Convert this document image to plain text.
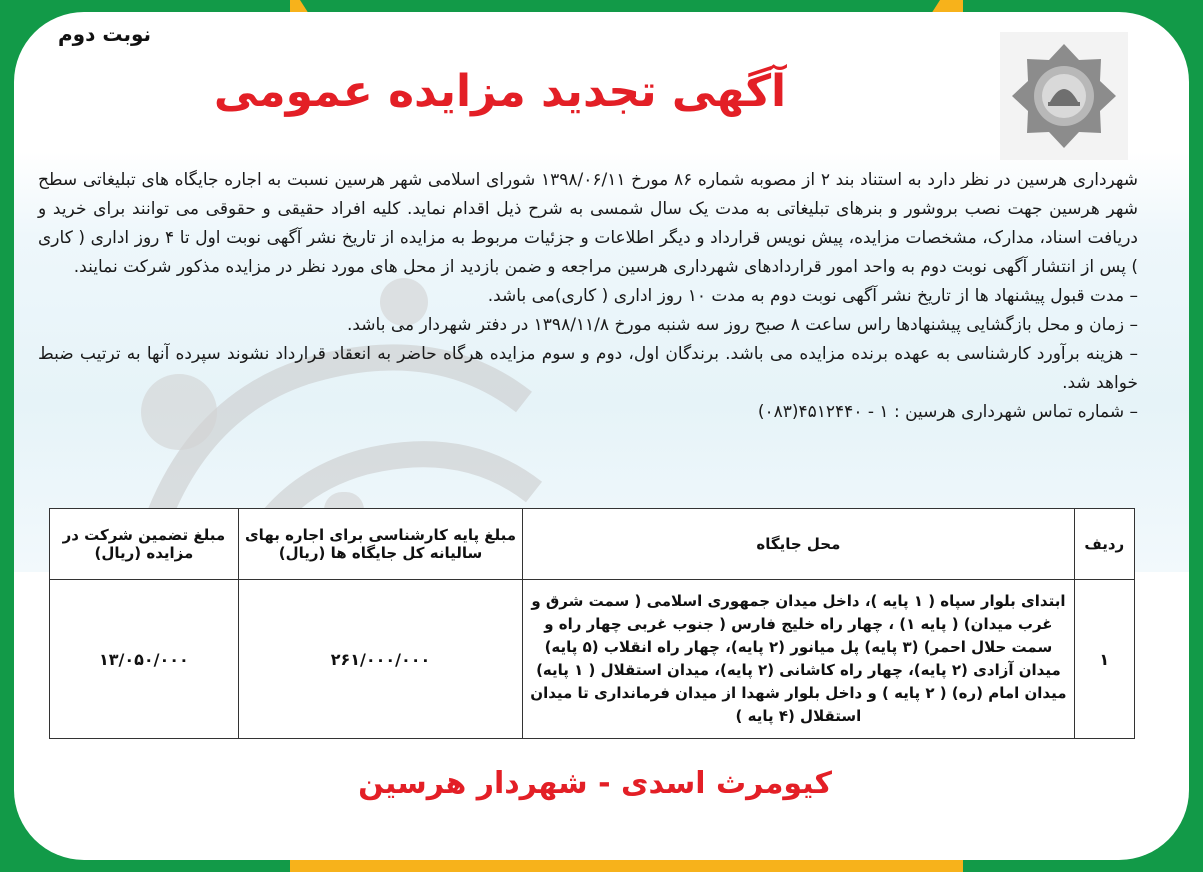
نوبت دوم
آگهی تجدید مزایده عمومی

شهرداری هرسین در نظر دارد به استناد بند ۲ از مصوبه شماره ۸۶ مورخ ۱۳۹۸/۰۶/۱۱ شورای اسلامی شهر هرسین نسبت به اجاره جایگاه های تبلیغاتی سطح شهر هرسین جهت نصب بروشور و بنرهای تبلیغاتی به مدت یک سال شمسی به شرح ذیل اقدام نماید. کلیه افراد حقیقی و حقوقی می توانند برای خرید و دریافت اسناد، مدارک، مشخصات مزایده، پیش نویس قرارداد و دیگر اطلاعات و جزئیات مربوط به مزایده از تاریخ نشر آگهی نوبت اول تا ۴ روز اداری ( کاری ) پس از انتشار آگهی نوبت دوم به واحد امور قراردادهای شهرداری هرسین مراجعه و ضمن بازدید از محل های مورد نظر در مزایده مذکور شرکت نمایند.

– مدت قبول پیشنهاد ها از تاریخ نشر آگهی نوبت دوم به مدت ۱۰ روز اداری ( کاری)می باشد.
– زمان و محل بازگشایی پیشنهادها راس ساعت ۸ صبح روز سه شنبه مورخ ۱۳۹۸/۱۱/۸ در دفتر شهردار می باشد.
– هزینه برآورد کارشناسی به عهده برنده مزایده می باشد. برندگان اول، دوم و سوم مزایده هرگاه حاضر به انعقاد قرارداد نشوند سپرده آنها به ترتیب ضبط خواهد شد.

– شماره تماس شهرداری هرسین : ۱ - ۴۵۱۲۴۴۰(۰۸۳)

ردیف	محل جایگاه	مبلغ پایه کارشناسی برای اجاره بهای سالیانه کل جایگاه ها (ریال)	مبلغ تضمین شرکت در مزایده (ریال)
۱	ابتدای بلوار سپاه ( ۱ پایه )، داخل میدان جمهوری اسلامی ( سمت شرق و غرب میدان) ( پایه ۱) ، چهار راه خلیج فارس ( جنوب غربی چهار راه و سمت حلال احمر) (۳ پایه) پل میانور (۲ پایه)، چهار راه انقلاب (۵ پایه) میدان آزادی (۲ پایه)، چهار راه کاشانی (۲ پایه)، میدان استقلال ( ۱ پایه) میدان امام (ره) ( ۲ پایه ) و داخل بلوار شهدا از میدان فرمانداری تا میدان استقلال (۴ پایه )	۲۶۱/۰۰۰/۰۰۰	۱۳/۰۵۰/۰۰۰
کیومرث اسدی - شهردار هرسین
